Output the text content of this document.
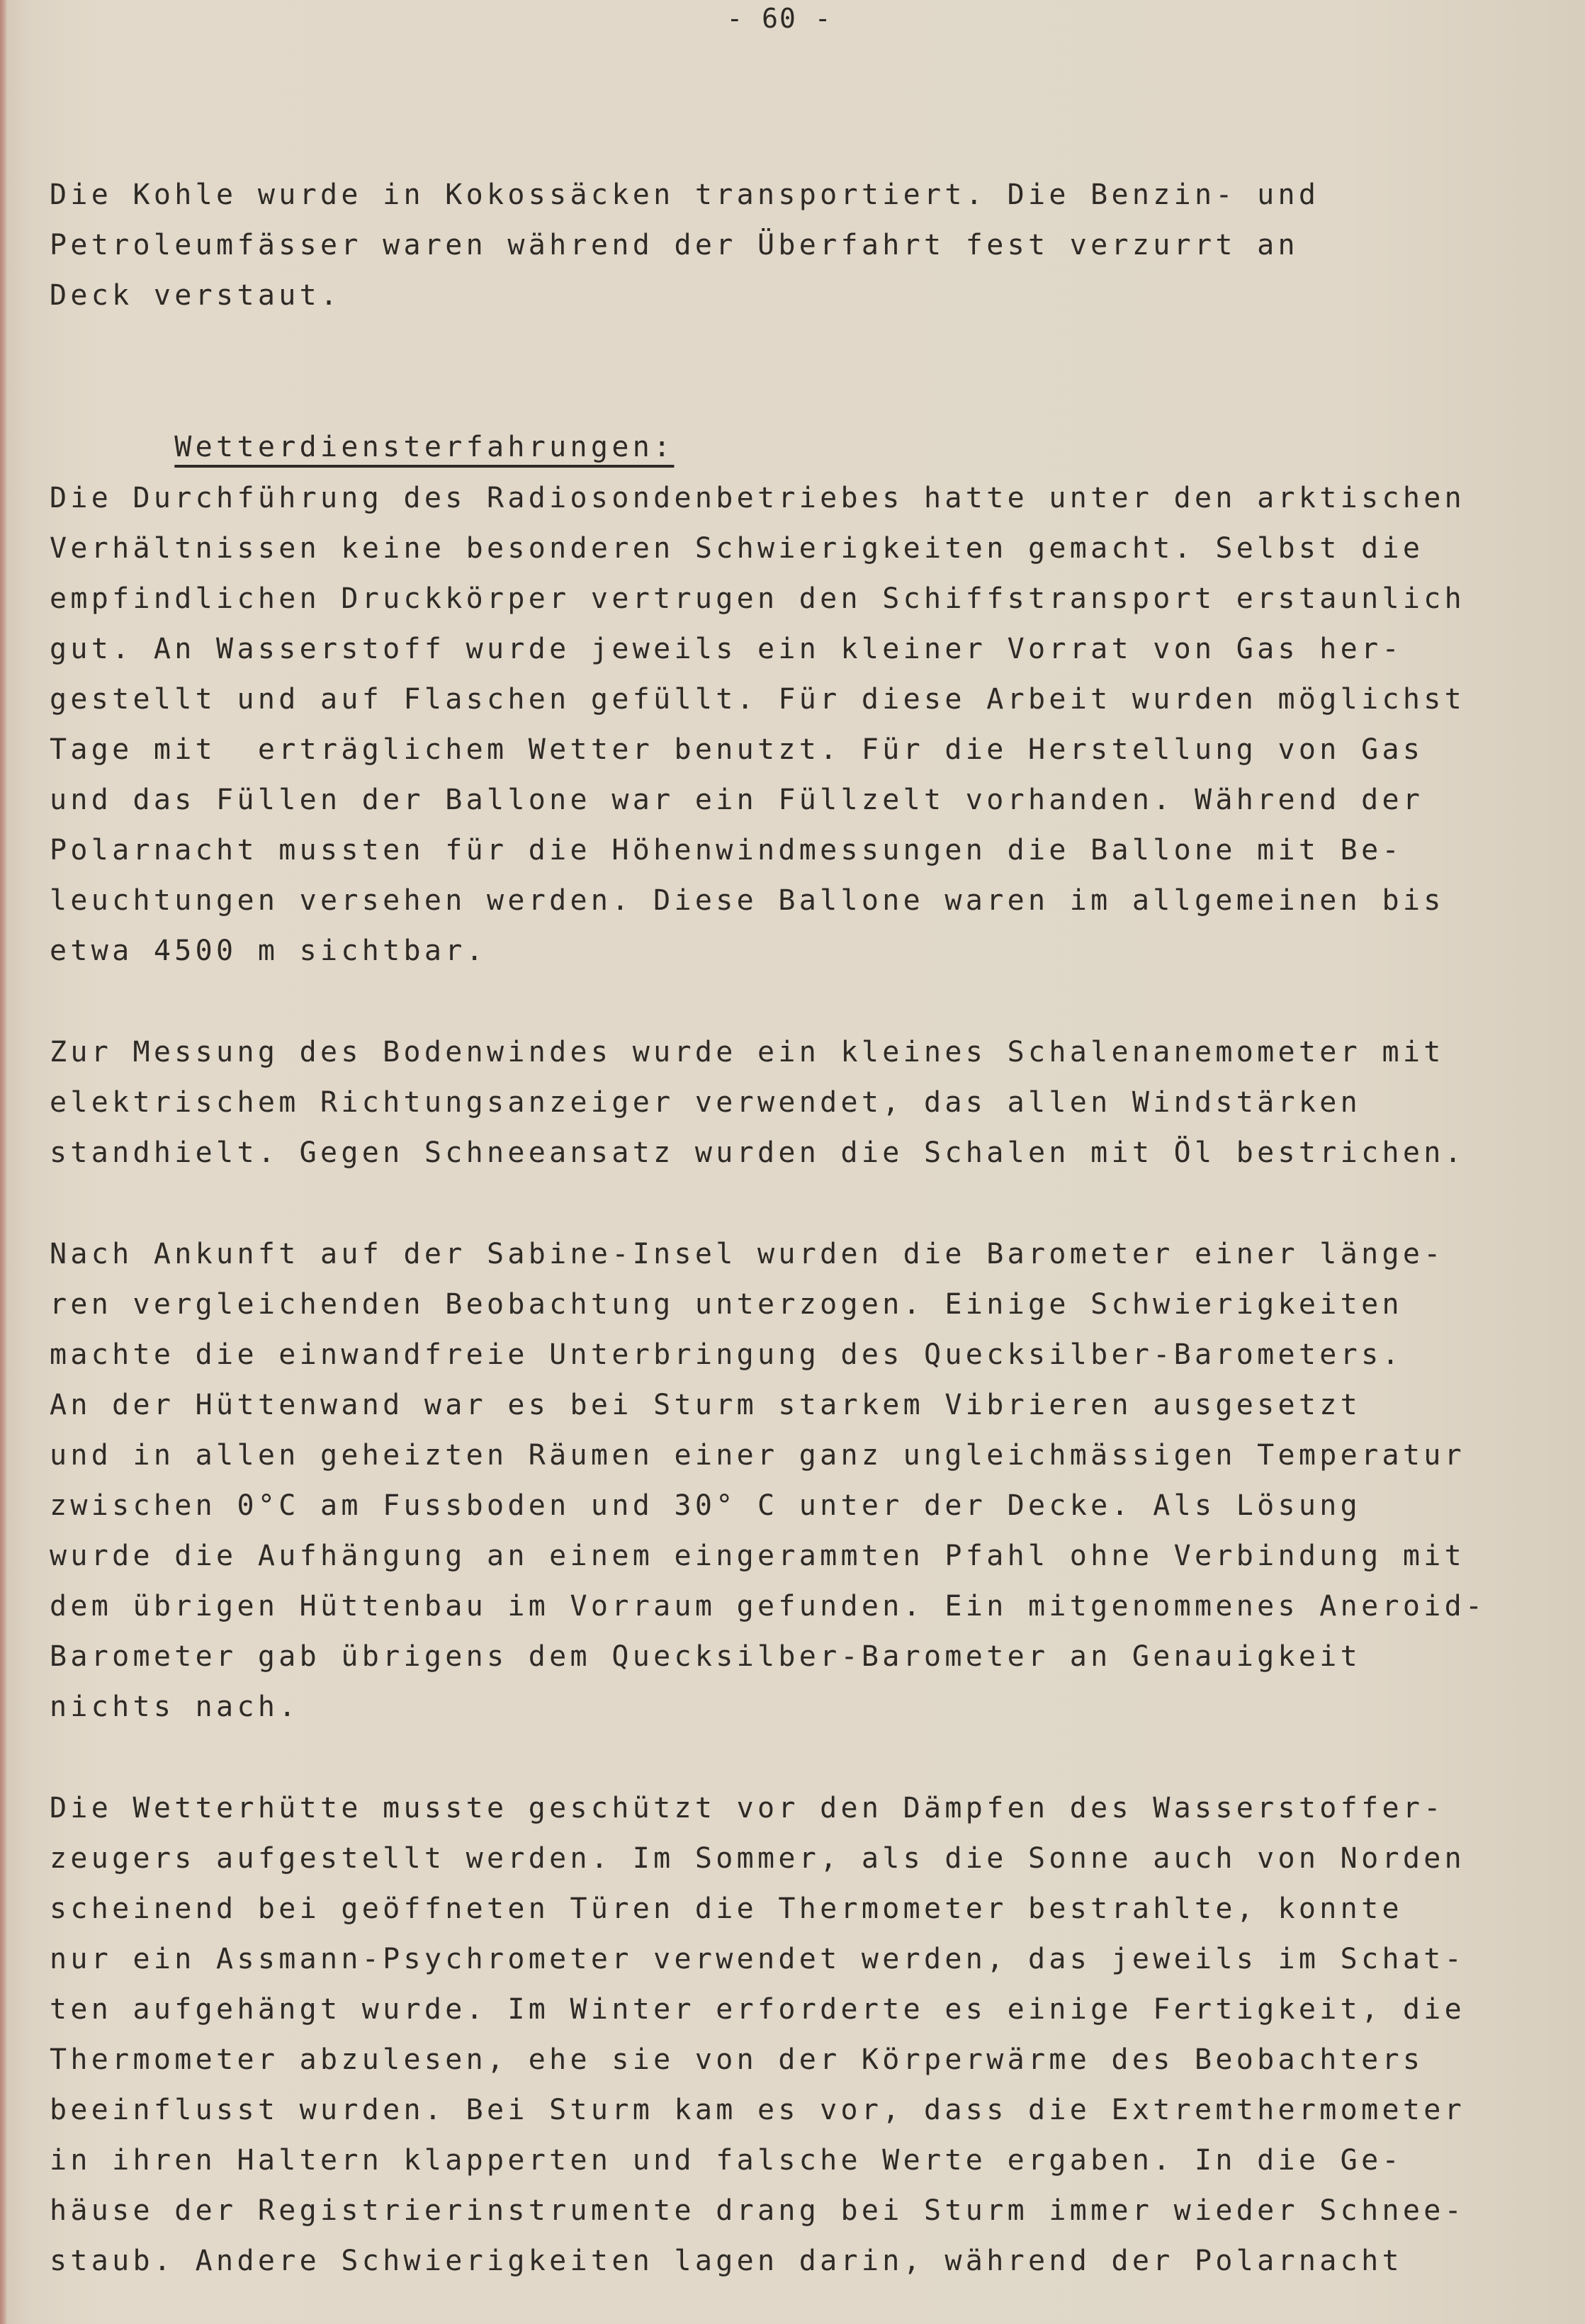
- 60 -
Die Kohle wurde in Kokossäcken transportiert. Die Benzin- und
Petroleumfässer waren während der Überfahrt fest verzurrt an
Deck verstaut.

Wetterdiensterfahrungen:

Die Durchführung des Radiosondenbetriebes hatte unter den arktischen
Verhältnissen keine besonderen Schwierigkeiten gemacht. Selbst die
empfindlichen Druckkörper vertrugen den Schiffstransport erstaunlich
gut. An Wasserstoff wurde jeweils ein kleiner Vorrat von Gas her-
gestellt und auf Flaschen gefüllt. Für diese Arbeit wurden möglichst
Tage mit  erträglichem Wetter benutzt. Für die Herstellung von Gas
und das Füllen der Ballone war ein Füllzelt vorhanden. Während der
Polarnacht mussten für die Höhenwindmessungen die Ballone mit Be-
leuchtungen versehen werden. Diese Ballone waren im allgemeinen bis
etwa 4500 m sichtbar.
Zur Messung des Bodenwindes wurde ein kleines Schalenanemometer mit
elektrischem Richtungsanzeiger verwendet, das allen Windstärken
standhielt. Gegen Schneeansatz wurden die Schalen mit Öl bestrichen.
Nach Ankunft auf der Sabine-Insel wurden die Barometer einer länge-
ren vergleichenden Beobachtung unterzogen. Einige Schwierigkeiten
machte die einwandfreie Unterbringung des Quecksilber-Barometers.
An der Hüttenwand war es bei Sturm starkem Vibrieren ausgesetzt
und in allen geheizten Räumen einer ganz ungleichmässigen Temperatur
zwischen 0°C am Fussboden und 30° C unter der Decke. Als Lösung
wurde die Aufhängung an einem eingerammten Pfahl ohne Verbindung mit
dem übrigen Hüttenbau im Vorraum gefunden. Ein mitgenommenes Aneroid-
Barometer gab übrigens dem Quecksilber-Barometer an Genauigkeit
nichts nach.
Die Wetterhütte musste geschützt vor den Dämpfen des Wasserstoffer-
zeugers aufgestellt werden. Im Sommer, als die Sonne auch von Norden
scheinend bei geöffneten Türen die Thermometer bestrahlte, konnte
nur ein Assmann-Psychrometer verwendet werden, das jeweils im Schat-
ten aufgehängt wurde. Im Winter erforderte es einige Fertigkeit, die
Thermometer abzulesen, ehe sie von der Körperwärme des Beobachters
beeinflusst wurden. Bei Sturm kam es vor, dass die Extremthermometer
in ihren Haltern klapperten und falsche Werte ergaben. In die Ge-
häuse der Registrierinstrumente drang bei Sturm immer wieder Schnee-
staub. Andere Schwierigkeiten lagen darin, während der Polarnacht
